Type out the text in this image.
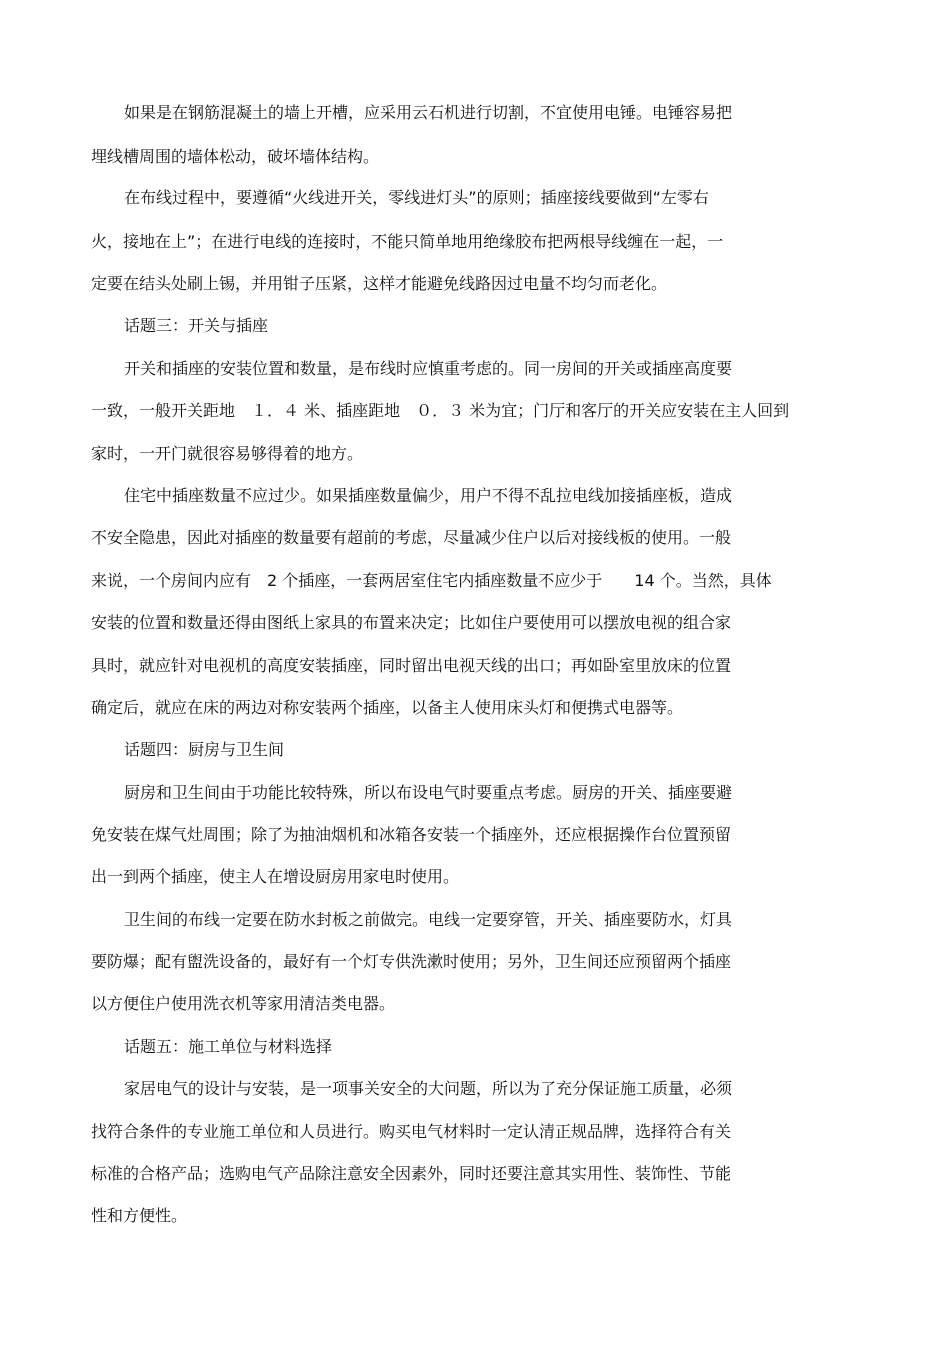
如果是在钢筋混凝土的墙上开槽，应采用云石机进行切割，不宜使用电锤。电锤容易把
埋线槽周围的墙体松动，破坏墙体结构。
在布线过程中，要遵循“火线进开关，零线进灯头”的原则；插座接线要做到“左零右
火，接地在上”；在进行电线的连接时，不能只简单地用绝缘胶布把两根导线缠在一起，一
定要在结头处刷上锡，并用钳子压紧，这样才能避免线路因过电量不均匀而老化。
话题三：开关与插座
开关和插座的安装位置和数量，是布线时应慎重考虑的。同一房间的开关或插座高度要
一致，一般开关距地　１．４ 米、插座距地　０．３ 米为宜；门厅和客厅的开关应安装在主人回到
家时，一开门就很容易够得着的地方。
住宅中插座数量不应过少。如果插座数量偏少，用户不得不乱拉电线加接插座板，造成
不安全隐患，因此对插座的数量要有超前的考虑，尽量减少住户以后对接线板的使用。一般
来说，一个房间内应有　2 个插座，一套两居室住宅内插座数量不应少于　　14 个。当然，具体
安装的位置和数量还得由图纸上家具的布置来决定；比如住户要使用可以摆放电视的组合家
具时，就应针对电视机的高度安装插座，同时留出电视天线的出口；再如卧室里放床的位置
确定后，就应在床的两边对称安装两个插座，以备主人使用床头灯和便携式电器等。
话题四：厨房与卫生间
厨房和卫生间由于功能比较特殊，所以布设电气时要重点考虑。厨房的开关、插座要避
免安装在煤气灶周围；除了为抽油烟机和冰箱各安装一个插座外，还应根据操作台位置预留
出一到两个插座，使主人在增设厨房用家电时使用。
卫生间的布线一定要在防水封板之前做完。电线一定要穿管，开关、插座要防水，灯具
要防爆；配有盥洗设备的，最好有一个灯专供洗漱时使用；另外，卫生间还应预留两个插座
以方便住户使用洗衣机等家用清洁类电器。
话题五：施工单位与材料选择
家居电气的设计与安装，是一项事关安全的大问题，所以为了充分保证施工质量，必须
找符合条件的专业施工单位和人员进行。购买电气材料时一定认清正规品牌，选择符合有关
标准的合格产品；选购电气产品除注意安全因素外，同时还要注意其实用性、装饰性、节能
性和方便性。
